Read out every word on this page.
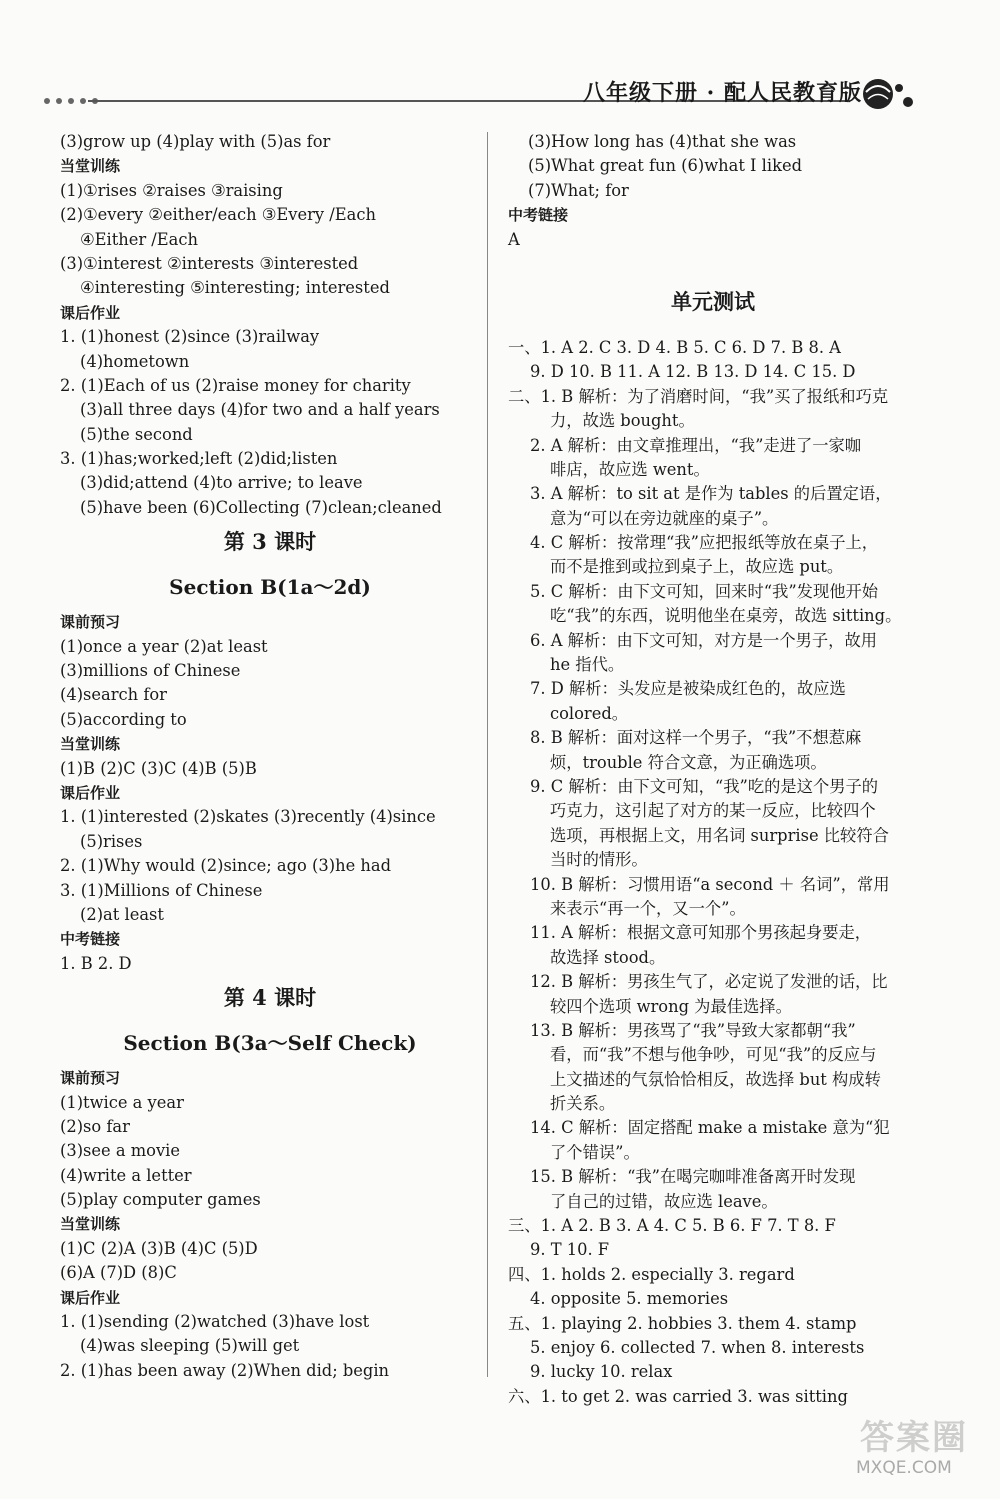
八年级下册 · 配人民教育版
(3)grow up (4)play with (5)as for
当堂训练
(1)①rises ②raises ③raising
(2)①every ②either/each ③Every /Each
④Either /Each
(3)①interest ②interests ③interested
④interesting ⑤interesting; interested
课后作业
1. (1)honest (2)since (3)railway
(4)hometown
2. (1)Each of us (2)raise money for charity
(3)all three days (4)for two and a half years
(5)the second
3. (1)has;worked;left (2)did;listen
(3)did;attend (4)to arrive; to leave
(5)have been (6)Collecting (7)clean;cleaned
第 3 课时
Section B(1a～2d)
课前预习
(1)once a year (2)at least
(3)millions of Chinese
(4)search for
(5)according to
当堂训练
(1)B (2)C (3)C (4)B (5)B
课后作业
1. (1)interested (2)skates (3)recently (4)since
(5)rises
2. (1)Why would (2)since; ago (3)he had
3. (1)Millions of Chinese
(2)at least
中考链接
1. B 2. D
第 4 课时
Section B(3a～Self Check)
课前预习
(1)twice a year
(2)so far
(3)see a movie
(4)write a letter
(5)play computer games
当堂训练
(1)C (2)A (3)B (4)C (5)D
(6)A (7)D (8)C
课后作业
1. (1)sending (2)watched (3)have lost
(4)was sleeping (5)will get
2. (1)has been away (2)When did; begin
(3)How long has (4)that she was
(5)What great fun (6)what I liked
(7)What; for
中考链接
A
单元测试
一、1. A 2. C 3. D 4. B 5. C 6. D 7. B 8. A
9. D 10. B 11. A 12. B 13. D 14. C 15. D
二、1. B 解析：为了消磨时间，“我”买了报纸和巧克
力，故选 bought。
2. A 解析：由文章推理出，“我”走进了一家咖
啡店，故应选 went。
3. A 解析：to sit at 是作为 tables 的后置定语，
意为“可以在旁边就座的桌子”。
4. C 解析：按常理“我”应把报纸等放在桌子上，
而不是推到或拉到桌子上，故应选 put。
5. C 解析：由下文可知，回来时“我”发现他开始
吃“我”的东西，说明他坐在桌旁，故选 sitting。
6. A 解析：由下文可知，对方是一个男子，故用
he 指代。
7. D 解析：头发应是被染成红色的，故应选
colored。
8. B 解析：面对这样一个男子，“我”不想惹麻
烦，trouble 符合文意，为正确选项。
9. C 解析：由下文可知，“我”吃的是这个男子的
巧克力，这引起了对方的某一反应，比较四个
选项，再根据上文，用名词 surprise 比较符合
当时的情形。
10. B 解析：习惯用语“a second ＋ 名词”，常用
来表示“再一个，又一个”。
11. A 解析：根据文意可知那个男孩起身要走，
故选择 stood。
12. B 解析：男孩生气了，必定说了发泄的话，比
较四个选项 wrong 为最佳选择。
13. B 解析：男孩骂了“我”导致大家都朝“我”
看，而“我”不想与他争吵，可见“我”的反应与
上文描述的气氛恰恰相反，故选择 but 构成转
折关系。
14. C 解析：固定搭配 make a mistake 意为“犯
了个错误”。
15. B 解析：“我”在喝完咖啡准备离开时发现
了自己的过错，故应选 leave。
三、1. A 2. B 3. A 4. C 5. B 6. F 7. T 8. F
9. T 10. F
四、1. holds 2. especially 3. regard
4. opposite 5. memories
五、1. playing 2. hobbies 3. them 4. stamp
5. enjoy 6. collected 7. when 8. interests
9. lucky 10. relax
六、1. to get 2. was carried 3. was sitting
答案圈
MXQE.COM
